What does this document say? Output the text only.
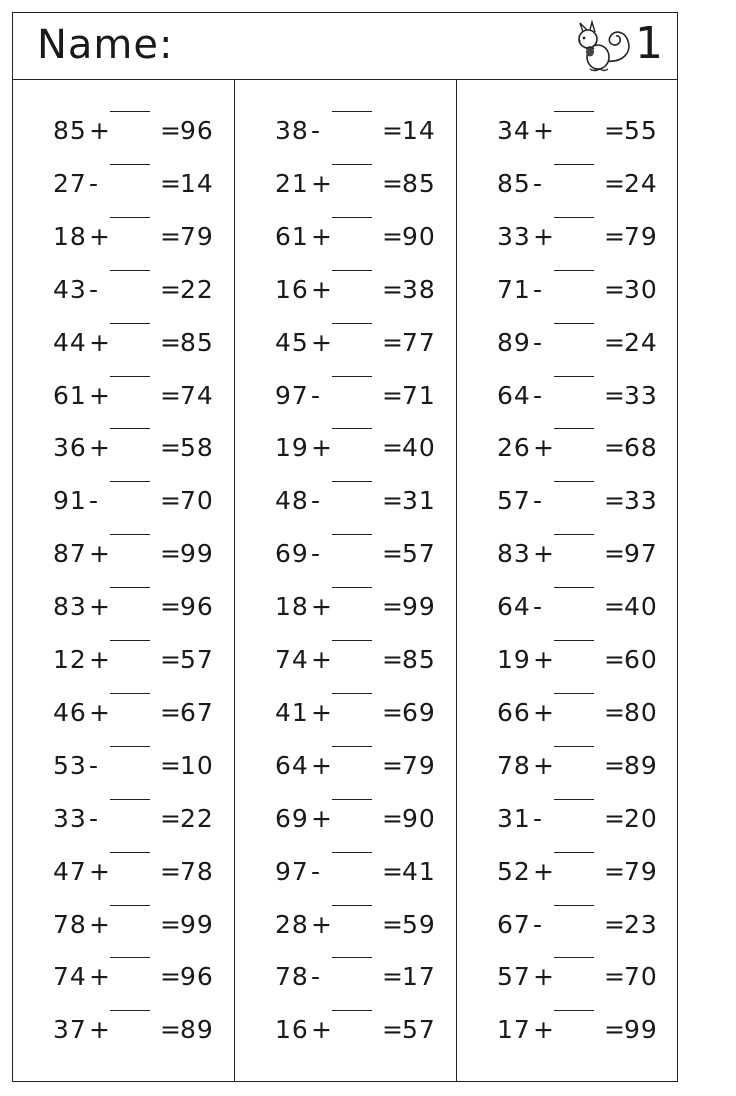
Name:	1
85 + =
96
27 - =
14
18 + =
79
43 - =
22
44 + =
85
61 + =
74
36 + =
58
91 - =
70
87 + =
99
83 + =
96
12 + =
57
46 + =
67
53 - =
10
33 - =
22
47 + =
78
78 + =
99
74 + =
96
37 + =
89
38 - =
14
21 + =
85
61 + =
90
16 + =
38
45 + =
77
97 - =
71
19 + =
40
48 - =
31
69 - =
57
18 + =
99
74 + =
85
41 + =
69
64 + =
79
69 + =
90
97 - =
41
28 + =
59
78 - =
17
16 + =
57
34 + =
55
85 - =
24
33 + =
79
71 - =
30
89 - =
24
64 - =
33
26 + =
68
57 - =
33
83 + =
97
64 - =
40
19 + =
60
66 + =
80
78 + =
89
31 - =
20
52 + =
79
67 - =
23
57 + =
70
17 + =
99
